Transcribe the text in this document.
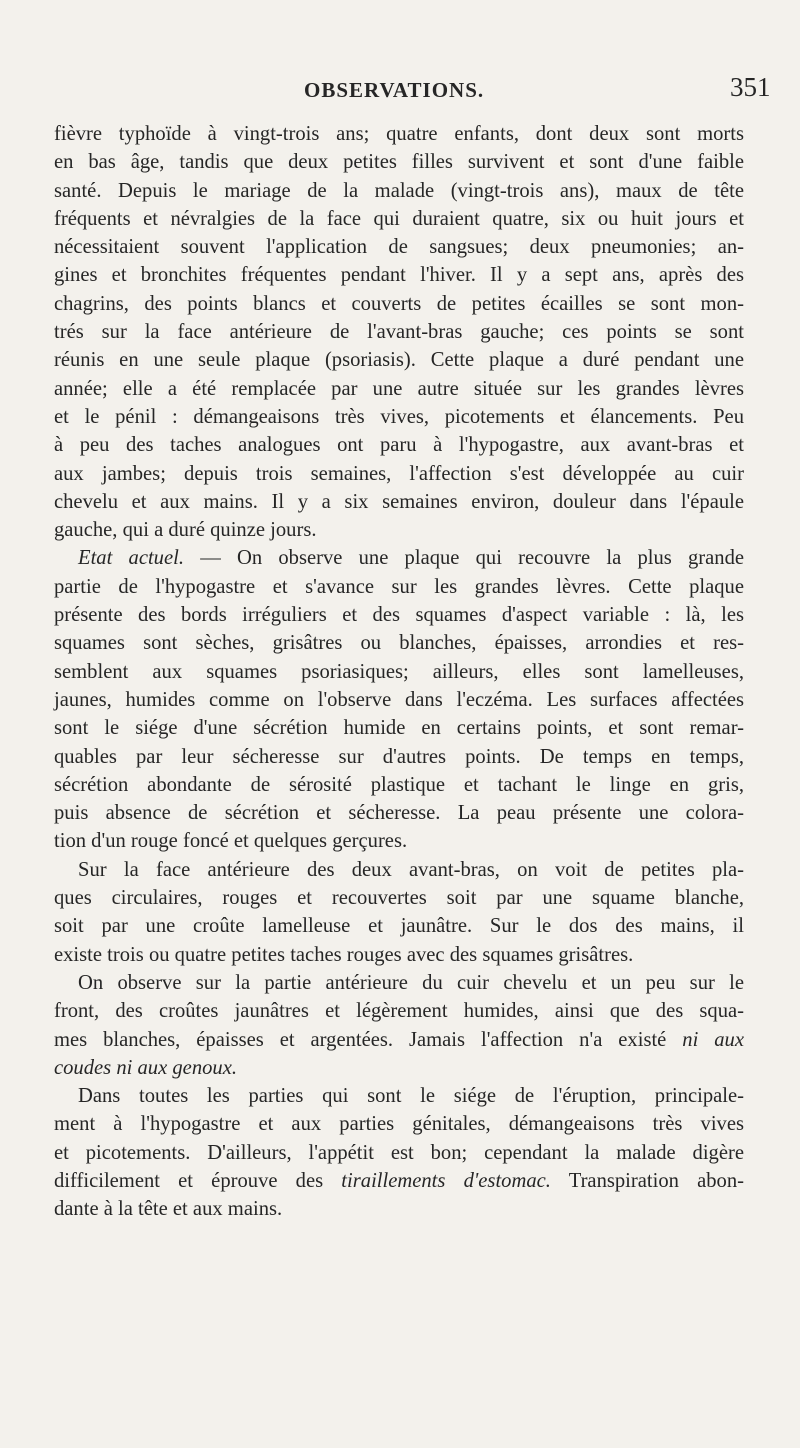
OBSERVATIONS.	351
fièvre typhoïde à vingt-trois ans; quatre enfants, dont deux sont morts
en bas âge, tandis que deux petites filles survivent et sont d'une faible
santé. Depuis le mariage de la malade (vingt-trois ans), maux de tête
fréquents et névralgies de la face qui duraient quatre, six ou huit jours et
nécessitaient souvent l'application de sangsues; deux pneumonies; an-
gines et bronchites fréquentes pendant l'hiver. Il y a sept ans, après des
chagrins, des points blancs et couverts de petites écailles se sont mon-
trés sur la face antérieure de l'avant-bras gauche; ces points se sont
réunis en une seule plaque (psoriasis). Cette plaque a duré pendant une
année; elle a été remplacée par une autre située sur les grandes lèvres
et le pénil : démangeaisons très vives, picotements et élancements. Peu
à peu des taches analogues ont paru à l'hypogastre, aux avant-bras et
aux jambes; depuis trois semaines, l'affection s'est développée au cuir
chevelu et aux mains. Il y a six semaines environ, douleur dans l'épaule
gauche, qui a duré quinze jours.
Etat actuel. — On observe une plaque qui recouvre la plus grande
partie de l'hypogastre et s'avance sur les grandes lèvres. Cette plaque
présente des bords irréguliers et des squames d'aspect variable : là, les
squames sont sèches, grisâtres ou blanches, épaisses, arrondies et res-
semblent aux squames psoriasiques; ailleurs, elles sont lamelleuses,
jaunes, humides comme on l'observe dans l'eczéma. Les surfaces affectées
sont le siége d'une sécrétion humide en certains points, et sont remar-
quables par leur sécheresse sur d'autres points. De temps en temps,
sécrétion abondante de sérosité plastique et tachant le linge en gris,
puis absence de sécrétion et sécheresse. La peau présente une colora-
tion d'un rouge foncé et quelques gerçures.
Sur la face antérieure des deux avant-bras, on voit de petites pla-
ques circulaires, rouges et recouvertes soit par une squame blanche,
soit par une croûte lamelleuse et jaunâtre. Sur le dos des mains, il
existe trois ou quatre petites taches rouges avec des squames grisâtres.
On observe sur la partie antérieure du cuir chevelu et un peu sur le
front, des croûtes jaunâtres et légèrement humides, ainsi que des squa-
mes blanches, épaisses et argentées. Jamais l'affection n'a existé ni aux
coudes ni aux genoux.
Dans toutes les parties qui sont le siége de l'éruption, principale-
ment à l'hypogastre et aux parties génitales, démangeaisons très vives
et picotements. D'ailleurs, l'appétit est bon; cependant la malade digère
difficilement et éprouve des tiraillements d'estomac. Transpiration abon-
dante à la tête et aux mains.
